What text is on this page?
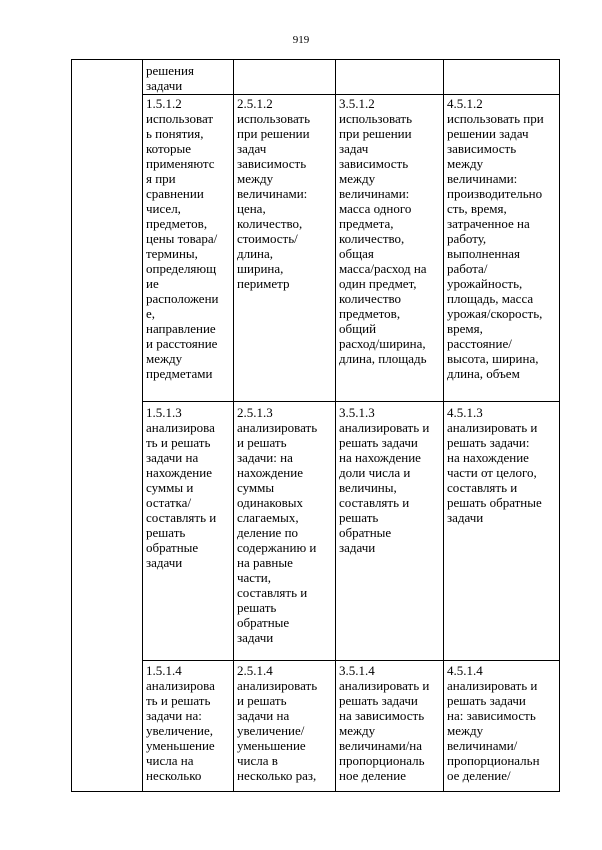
919
решения
задачи
1.5.1.2
использоват
ь понятия,
которые
применяютс
я при
сравнении
чисел,
предметов,
цены товара/
термины,
определяющ
ие
расположени
е,
направление
и расстояние
между
предметами
2.5.1.2
использовать
при решении
задач
зависимость
между
величинами:
цена,
количество,
стоимость/
длина,
ширина,
периметр
3.5.1.2
использовать
при решении
задач
зависимость
между
величинами:
масса одного
предмета,
количество,
общая
масса/расход на
один предмет,
количество
предметов,
общий
расход/ширина,
длина, площадь
4.5.1.2
использовать при
решении задач
зависимость
между
величинами:
производительно
сть, время,
затраченное на
работу,
выполненная
работа/
урожайность,
площадь, масса
урожая/скорость,
время,
расстояние/
высота, ширина,
длина, объем
1.5.1.3
анализирова
ть и решать
задачи на
нахождение
суммы и
остатка/
составлять и
решать
обратные
задачи
2.5.1.3
анализировать
и решать
задачи: на
нахождение
суммы
одинаковых
слагаемых,
деление по
содержанию и
на равные
части,
составлять и
решать
обратные
задачи
3.5.1.3
анализировать и
решать задачи
на нахождение
доли числа и
величины,
составлять и
решать
обратные
задачи
4.5.1.3
анализировать и
решать задачи:
на нахождение
части от целого,
составлять и
решать обратные
задачи
1.5.1.4
анализирова
ть и решать
задачи на:
увеличение,
уменьшение
числа на
несколько
2.5.1.4
анализировать
и решать
задачи на
увеличение/
уменьшение
числа в
несколько раз,
3.5.1.4
анализировать и
решать задачи
на зависимость
между
величинами/на
пропорциональ
ное деление
4.5.1.4
анализировать и
решать задачи
на: зависимость
между
величинами/
пропорциональн
ое деление/
